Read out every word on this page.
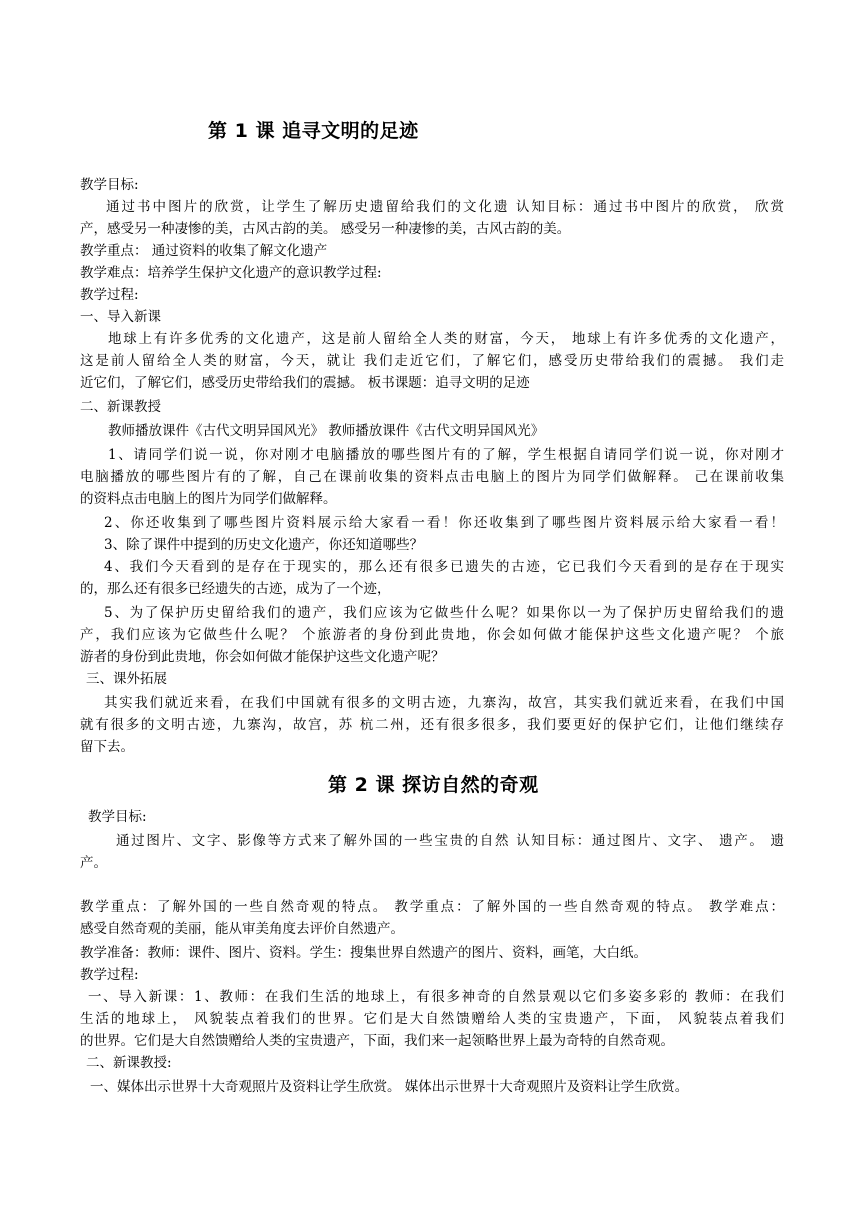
第 1 课 追寻文明的足迹
教学目标:
通过书中图片的欣赏，让学生了解历史遗留给我们的文化遗 认知目标：通过书中图片的欣赏， 欣赏
产，感受另一种凄惨的美，古风古韵的美。 感受另一种凄惨的美，古风古韵的美。
教学重点： 通过资料的收集了解文化遗产
教学难点：培养学生保护文化遗产的意识教学过程:
教学过程:
一、导入新课
地球上有许多优秀的文化遗产，这是前人留给全人类的财富，今天， 地球上有许多优秀的文化遗产，
这是前人留给全人类的财富，今天，就让 我们走近它们，了解它们，感受历史带给我们的震撼。 我们走
近它们，了解它们，感受历史带给我们的震撼。 板书课题：追寻文明的足迹
二、新课教授
教师播放课件《古代文明异国风光》 教师播放课件《古代文明异国风光》
1、请同学们说一说，你对刚才电脑播放的哪些图片有的了解，学生根据自请同学们说一说，你对刚才
电脑播放的哪些图片有的了解，自己在课前收集的资料点击电脑上的图片为同学们做解释。 己在课前收集
的资料点击电脑上的图片为同学们做解释。
2、你还收集到了哪些图片资料展示给大家看一看！你还收集到了哪些图片资料展示给大家看一看！
3、除了课件中提到的历史文化遗产，你还知道哪些？
4、我们今天看到的是存在于现实的，那么还有很多已遗失的古迹，它已我们今天看到的是存在于现实
的，那么还有很多已经遗失的古迹，成为了一个迹，
5、为了保护历史留给我们的遗产，我们应该为它做些什么呢？如果你以一为了保护历史留给我们的遗
产，我们应该为它做些什么呢？ 个旅游者的身份到此贵地，你会如何做才能保护这些文化遗产呢？ 个旅
游者的身份到此贵地，你会如何做才能保护这些文化遗产呢？
三、课外拓展
其实我们就近来看，在我们中国就有很多的文明古迹，九寨沟，故宫，其实我们就近来看，在我们中国
就有很多的文明古迹，九寨沟，故宫，苏 杭二州，还有很多很多，我们要更好的保护它们，让他们继续存
留下去。
第 2 课 探访自然的奇观
教学目标:
通过图片、文字、影像等方式来了解外国的一些宝贵的自然 认知目标：通过图片、文字、 遗产。 遗
产。
教学重点：了解外国的一些自然奇观的特点。 教学重点：了解外国的一些自然奇观的特点。 教学难点：
感受自然奇观的美丽，能从审美角度去评价自然遗产。
教学准备：教师：课件、图片、资料。学生：搜集世界自然遗产的图片、资料，画笔，大白纸。
教学过程:
一、导入新课：1、教师：在我们生活的地球上，有很多神奇的自然景观以它们多姿多彩的 教师：在我们
生活的地球上， 风貌装点着我们的世界。它们是大自然馈赠给人类的宝贵遗产，下面， 风貌装点着我们
的世界。它们是大自然馈赠给人类的宝贵遗产，下面，我们来一起领略世界上最为奇特的自然奇观。
二、新课教授:
一、媒体出示世界十大奇观照片及资料让学生欣赏。 媒体出示世界十大奇观照片及资料让学生欣赏。
